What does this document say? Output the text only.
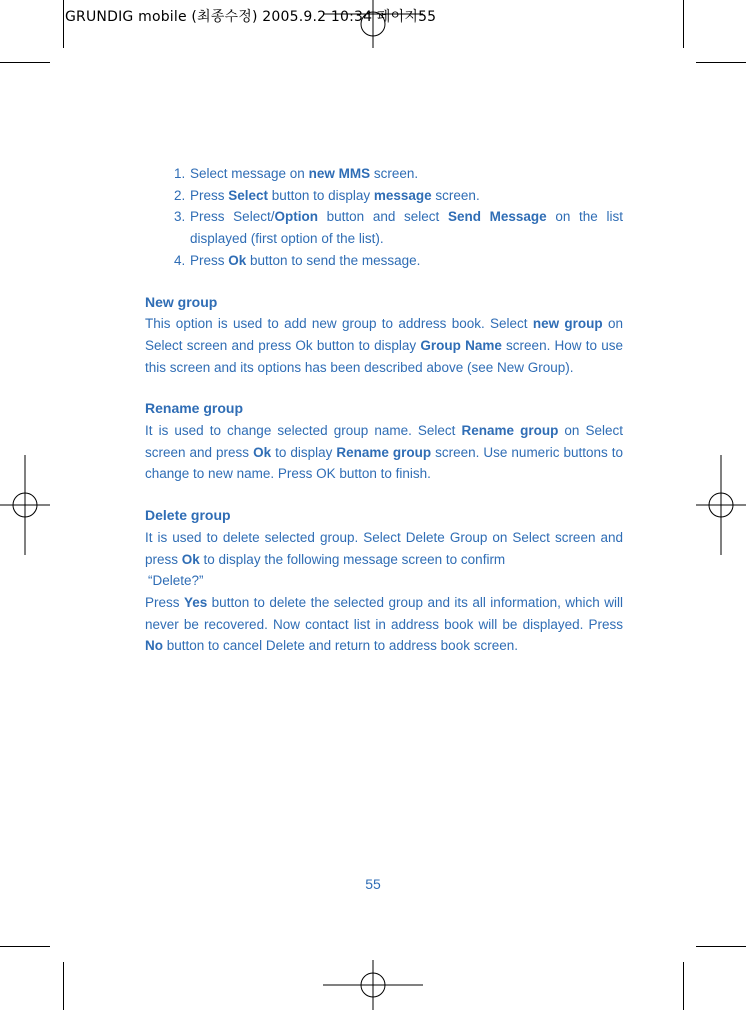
GRUNDIG mobile (최종수정) 2005.9.2 10:34 페이지55
1. Select message on new MMS screen.
2. Press Select button to display message screen.
3. Press Select/Option button and select Send Message on the list displayed (first option of the list).
4. Press Ok button to send the message.
New group
This option is used to add new group to address book. Select new group on Select screen and press Ok button to display Group Name screen. How to use this screen and its options has been described above (see New Group).
Rename group
It is used to change selected group name. Select Rename group on Select screen and press Ok to display Rename group screen. Use numeric buttons to change to new name. Press OK button to finish.
Delete group
It is used to delete selected group. Select Delete Group on Select screen and press Ok to display the following message screen to confirm
“Delete?”
Press Yes button to delete the selected group and its all information, which will never be recovered. Now contact list in address book will be displayed. Press No button to cancel Delete and return to address book screen.
55
